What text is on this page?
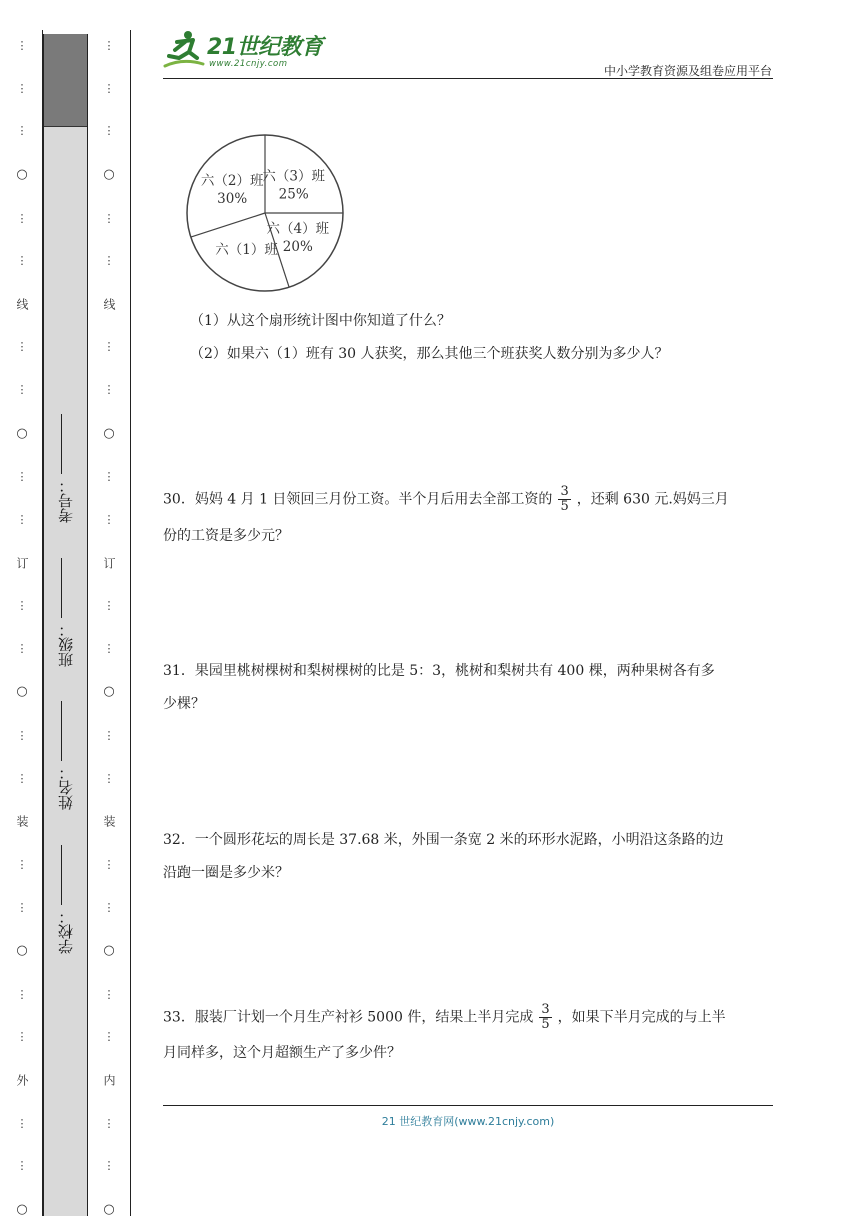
⋮
⋮
⋮
○
⋮
⋮
线
⋮
⋮
○
⋮
⋮
订
⋮
⋮
○
⋮
⋮
装
⋮
⋮
○
⋮
⋮
外
⋮
⋮
○
学校：
姓名：
班级：
考号：
⋮
⋮
⋮
○
⋮
⋮
线
⋮
⋮
○
⋮
⋮
订
⋮
⋮
○
⋮
⋮
装
⋮
⋮
○
⋮
⋮
内
⋮
⋮
○
21世纪教育
www.21cnjy.com	中小学教育资源及组卷应用平台
六（3）班
25%
六（4）班
20%
六（1）班
六（2）班
30%
（1）从这个扇形统计图中你知道了什么？
（2）如果六（1）班有 30 人获奖，那么其他三个班获奖人数分别为多少人？
30．妈妈 4 月 1 日领回三月份工资。半个月后用去全部工资的 $\frac{3}{5}$ ，还剩 630 元.妈妈三月
份的工资是多少元？
31．果园里桃树棵树和梨树棵树的比是 5：3，桃树和梨树共有 400 棵，两种果树各有多
少棵？
32．一个圆形花坛的周长是 37.68 米，外围一条宽 2 米的环形水泥路，小明沿这条路的边
沿跑一圈是多少米？
33．服装厂计划一个月生产衬衫 5000 件，结果上半月完成 $\frac{3}{5}$ ，如果下半月完成的与上半
月同样多，这个月超额生产了多少件？
21 世纪教育网(www.21cnjy.com)
